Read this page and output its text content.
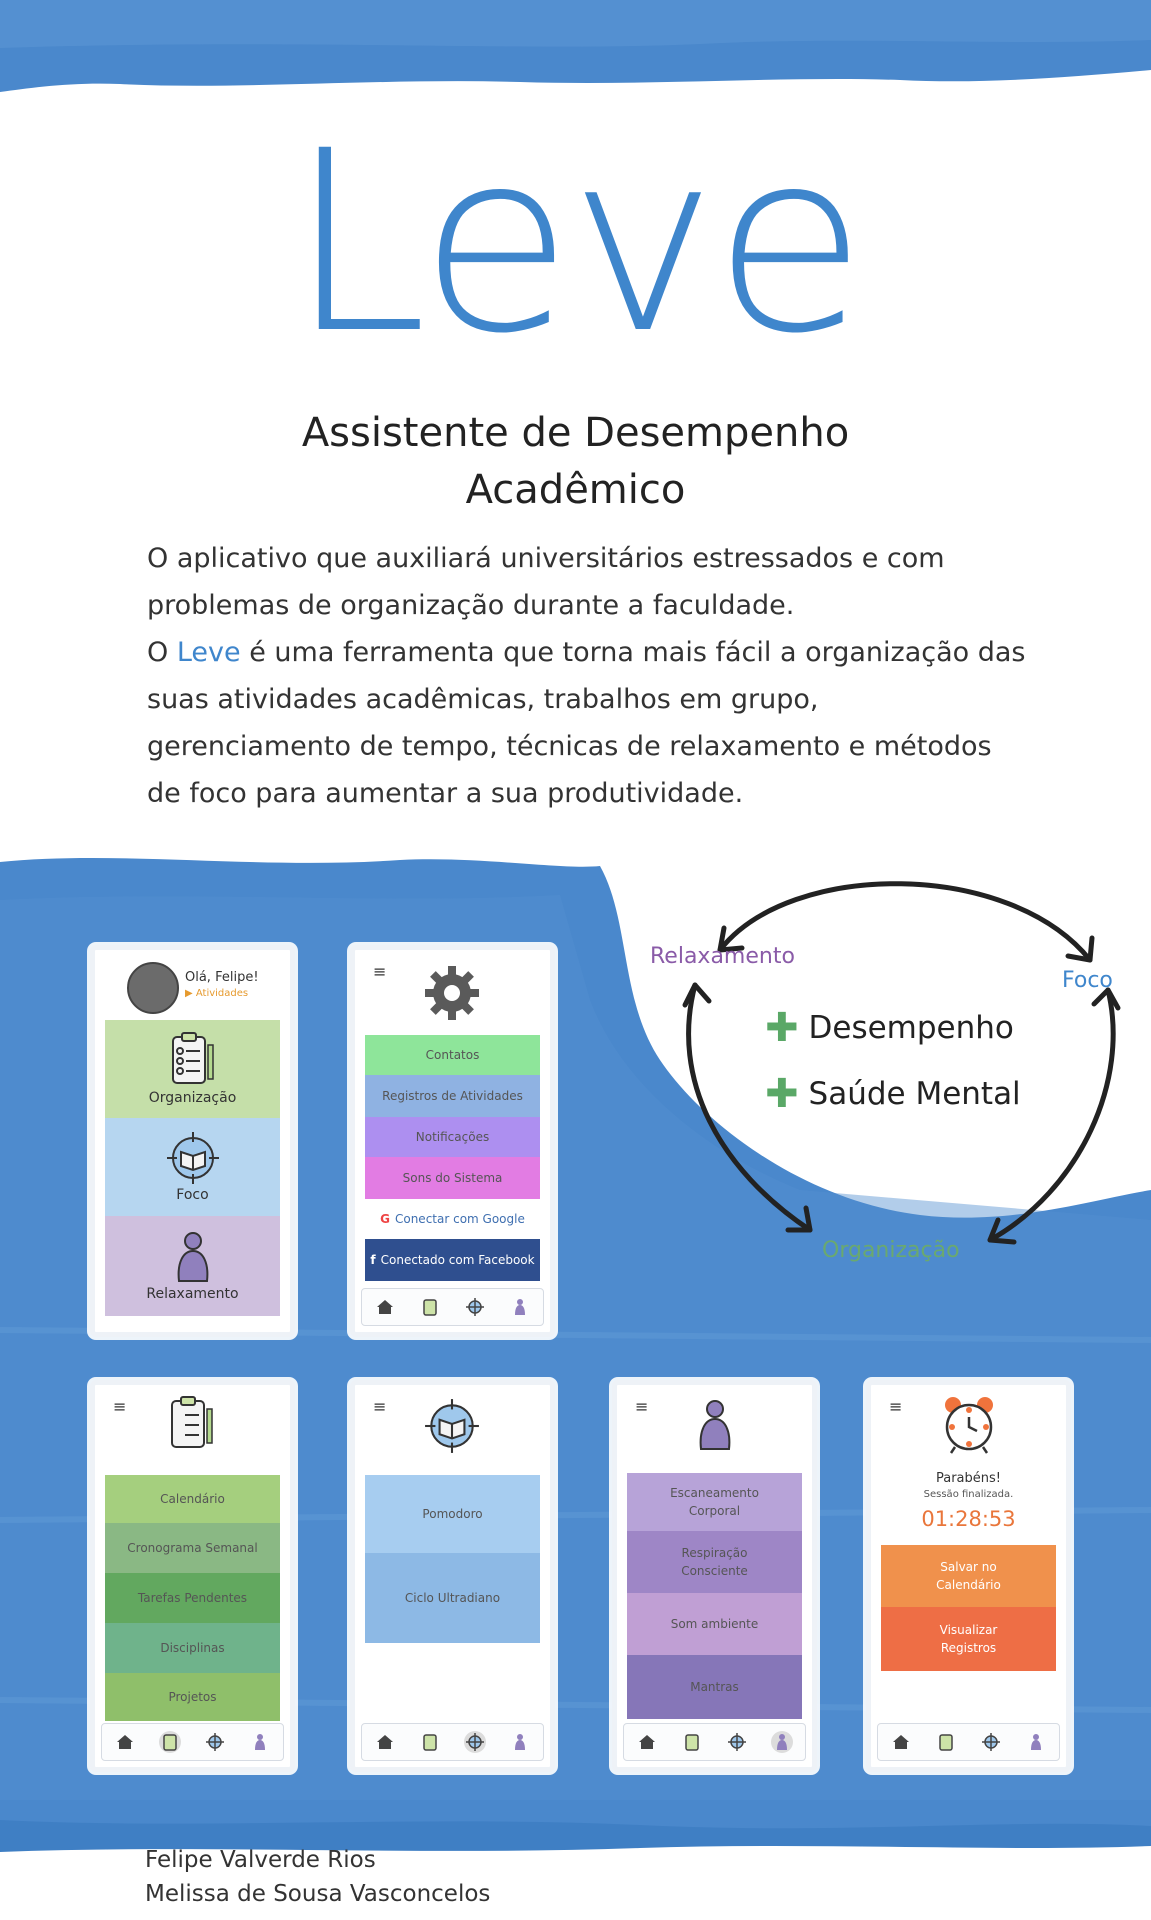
Leve
Assistente de Desempenho
Acadêmico

O aplicativo que auxiliará universitários estressados e com problemas de organização durante a faculdade.

O Leve é uma ferramenta que torna mais fácil a organização das suas atividades acadêmicas, trabalhos em grupo, gerenciamento de tempo, técnicas de relaxamento e métodos de foco para aumentar a sua produtividade.

Relaxamento
Foco
Organização
✚ Desempenho
✚ Saúde Mental
Olá, Felipe!
▶ Atividades
Organização
Foco
Relaxamento
≡
Contatos
Registros de Atividades
Notificações
Sons do Sistema
G Conectar com Google
f Conectado com Facebook
≡
Calendário
Cronograma Semanal
Tarefas Pendentes
Disciplinas
Projetos
≡
Pomodoro
Ciclo Ultradiano
≡
Escaneamento Corporal
Respiração Consciente
Som ambiente
Mantras
≡
Parabéns!
Sessão finalizada.
01:28:53
Salvar no Calendário
Visualizar Registros
Felipe Valverde Rios
Melissa de Sousa Vasconcelos
